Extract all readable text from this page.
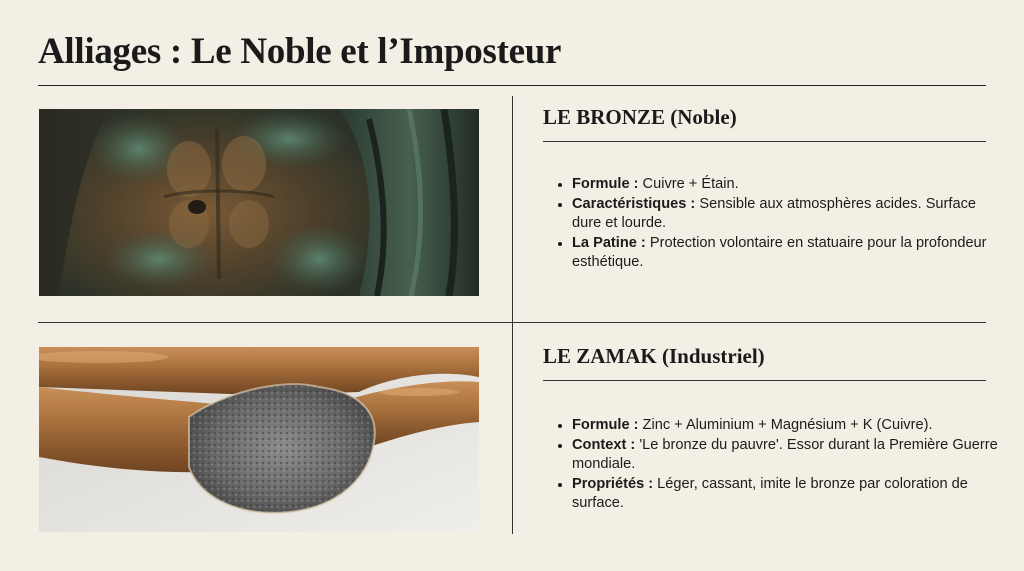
Alliages : Le Noble et l’Imposteur
LE BRONZE (Noble)
• Formule : Cuivre + Étain.
• Caractéristiques : Sensible aux atmosphères acides. Surface dure et lourde.
• La Patine : Protection volontaire en statuaire pour la profondeur esthétique.
LE ZAMAK (Industriel)
• Formule : Zinc + Aluminium + Magnésium + K (Cuivre).
• Context : 'Le bronze du pauvre'. Essor durant la Première Guerre mondiale.
• Propriétés : Léger, cassant, imite le bronze par coloration de surface.
